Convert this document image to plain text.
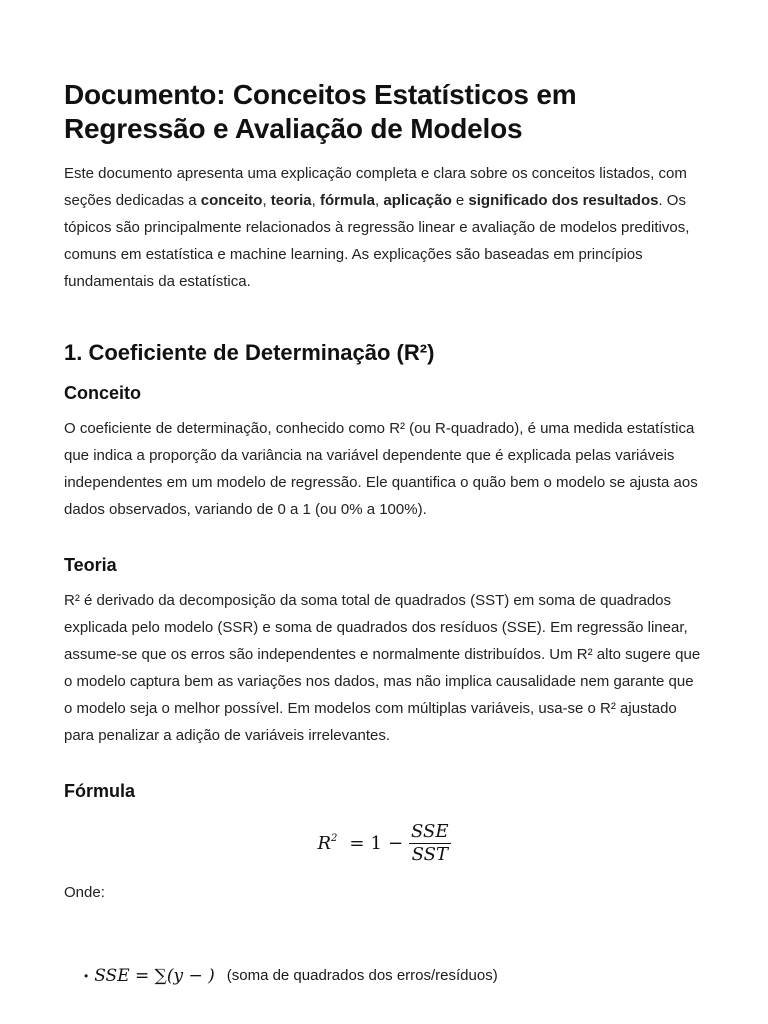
Documento: Conceitos Estatísticos em Regressão e Avaliação de Modelos

Este documento apresenta uma explicação completa e clara sobre os conceitos listados, com seções dedicadas a conceito, teoria, fórmula, aplicação e significado dos resultados. Os tópicos são principalmente relacionados à regressão linear e avaliação de modelos preditivos, comuns em estatística e machine learning. As explicações são baseadas em princípios fundamentais da estatística.

1. Coeficiente de Determinação (R²)
Conceito

O coeficiente de determinação, conhecido como R² (ou R-quadrado), é uma medida estatística que indica a proporção da variância na variável dependente que é explicada pelas variáveis independentes em um modelo de regressão. Ele quantifica o quão bem o modelo se ajusta aos dados observados, variando de 0 a 1 (ou 0% a 100%).

Teoria

R² é derivado da decomposição da soma total de quadrados (SST) em soma de quadrados explicada pelo modelo (SSR) e soma de quadrados dos resíduos (SSE). Em regressão linear, assume-se que os erros são independentes e normalmente distribuídos. Um R² alto sugere que o modelo captura bem as variações nos dados, mas não implica causalidade nem garante que o modelo seja o melhor possível. Em modelos com múltiplas variáveis, usa-se o R² ajustado para penalizar a adição de variáveis irrelevantes.

Fórmula
$R^2 = 1 - \frac{\text{SSE}}{\text{SST}}$

Onde:

• SSE = ∑(y − ) (soma de quadrados dos erros/resíduos)
